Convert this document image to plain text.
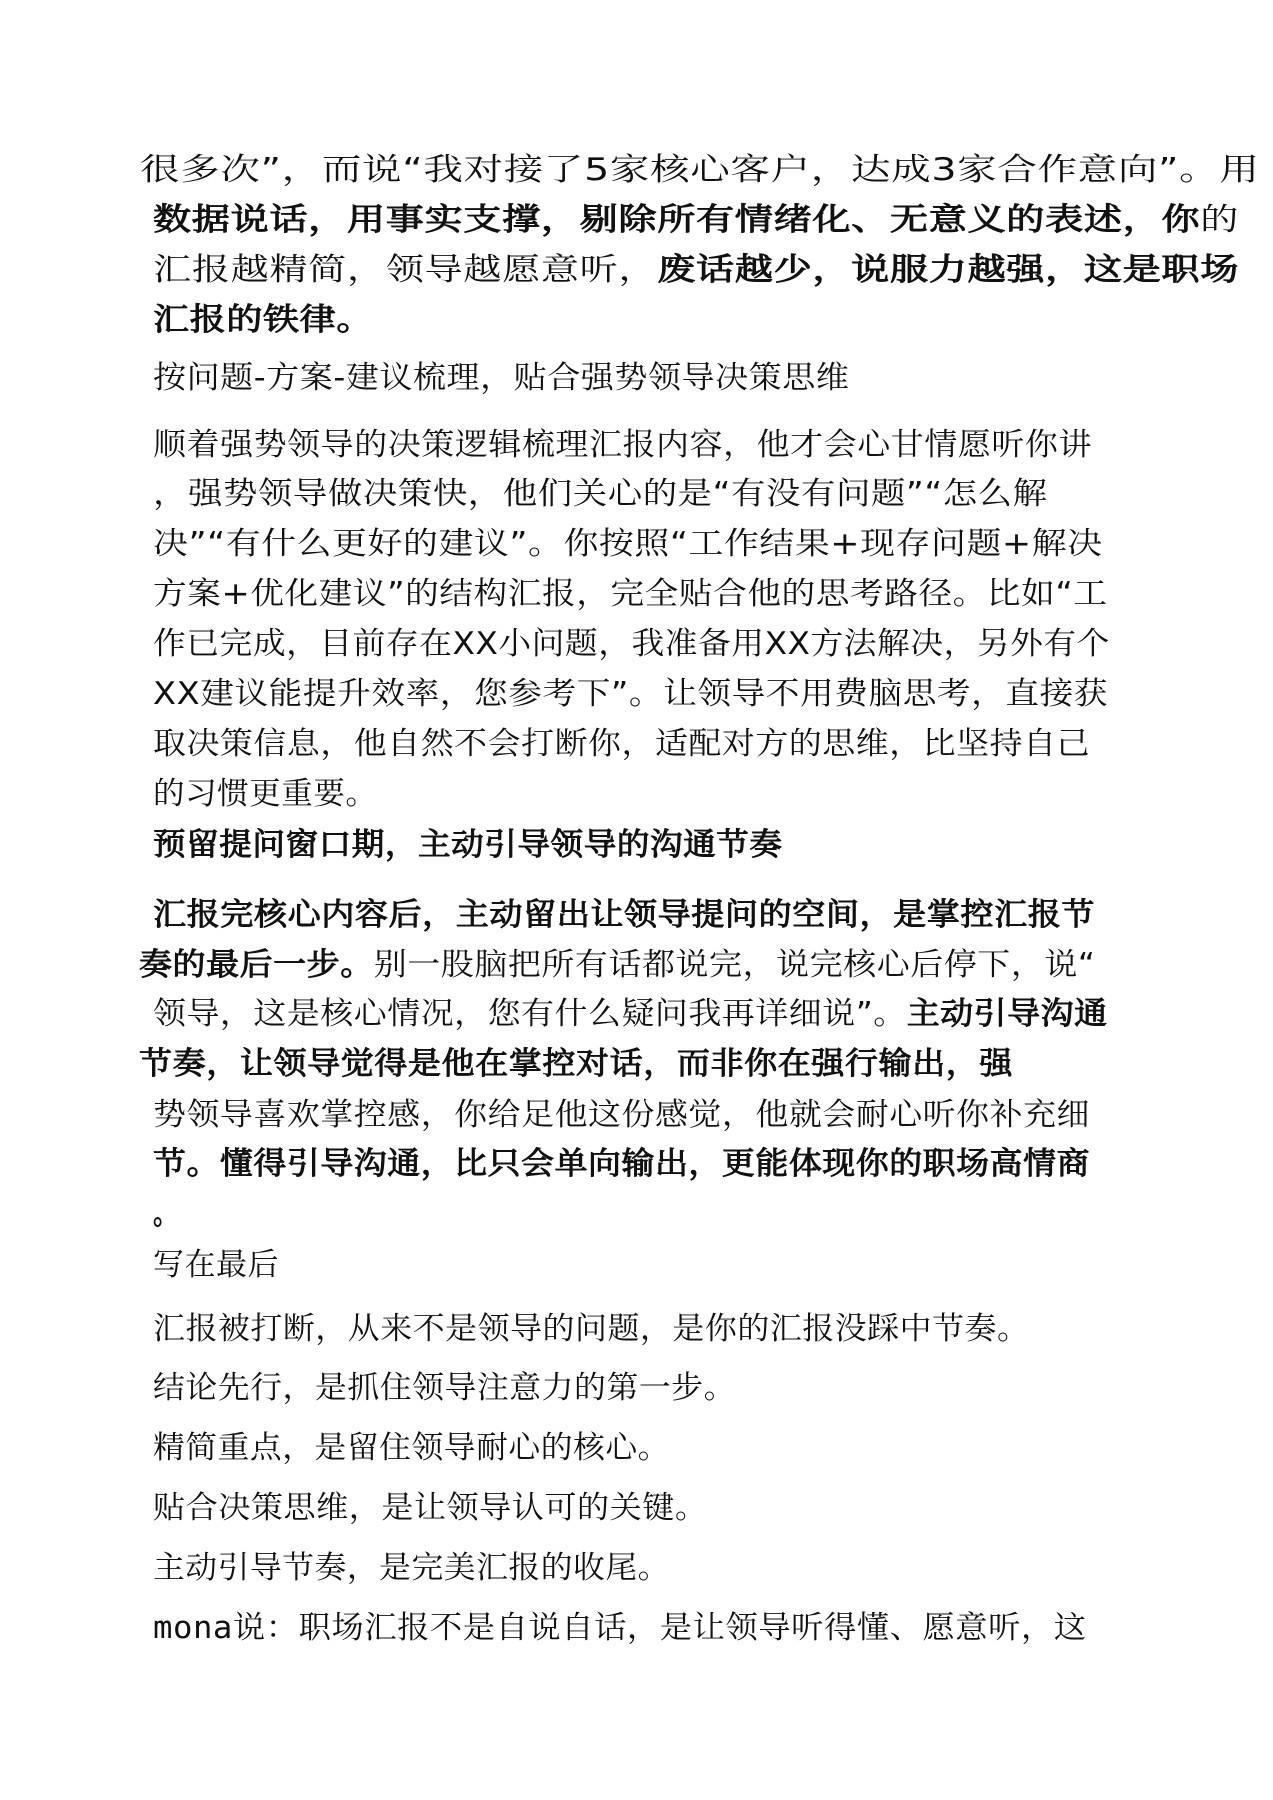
很多次”，而说“我对接了5家核心客户，达成3家合作意向”。用
数据说话，用事实支撑，剔除所有情绪化、无意义的表述，你的
汇报越精简，领导越愿意听，废话越少，说服力越强，这是职场
汇报的铁律。
按问题-方案-建议梳理，贴合强势领导决策思维
顺着强势领导的决策逻辑梳理汇报内容，他才会心甘情愿听你讲
，强势领导做决策快，他们关心的是“有没有问题”“怎么解
决”“有什么更好的建议”。你按照“工作结果+现存问题+解决
方案+优化建议”的结构汇报，完全贴合他的思考路径。比如“工
作已完成，目前存在XX小问题，我准备用XX方法解决，另外有个
XX建议能提升效率，您参考下”。让领导不用费脑思考，直接获
取决策信息，他自然不会打断你，适配对方的思维，比坚持自己
的习惯更重要。
预留提问窗口期，主动引导领导的沟通节奏
汇报完核心内容后，主动留出让领导提问的空间，是掌控汇报节
奏的最后一步。别一股脑把所有话都说完，说完核心后停下，说“
领导，这是核心情况，您有什么疑问我再详细说”。主动引导沟通
节奏，让领导觉得是他在掌控对话，而非你在强行输出，强
势领导喜欢掌控感，你给足他这份感觉，他就会耐心听你补充细
节。懂得引导沟通，比只会单向输出，更能体现你的职场高情商
。
写在最后
汇报被打断，从来不是领导的问题，是你的汇报没踩中节奏。
结论先行，是抓住领导注意力的第一步。
精简重点，是留住领导耐心的核心。
贴合决策思维，是让领导认可的关键。
主动引导节奏，是完美汇报的收尾。
mona说：职场汇报不是自说自话，是让领导听得懂、愿意听，这
